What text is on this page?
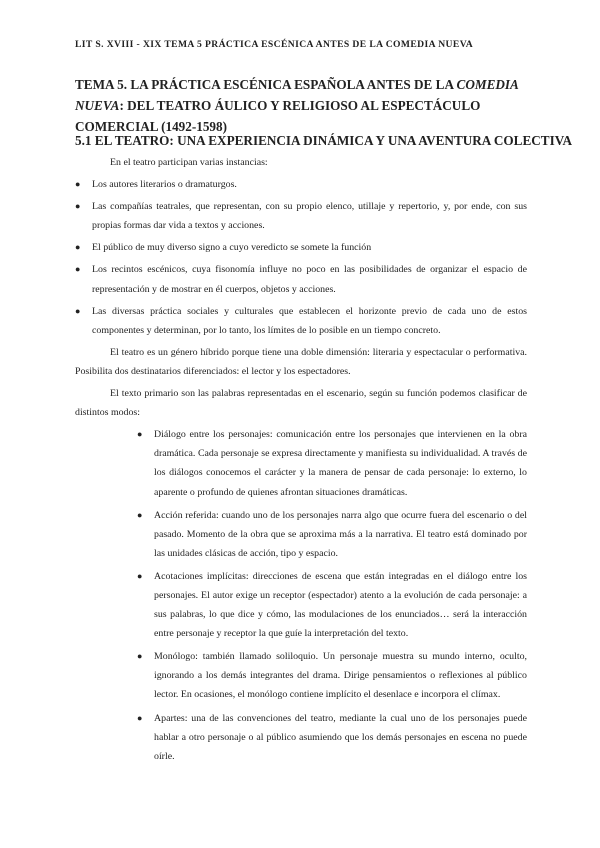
LIT S. XVIII - XIX TEMA 5 PRÁCTICA ESCÉNICA ANTES DE LA COMEDIA NUEVA
TEMA 5. LA PRÁCTICA ESCÉNICA ESPAÑOLA ANTES DE LA COMEDIA NUEVA: DEL TEATRO ÁULICO Y RELIGIOSO AL ESPECTÁCULO COMERCIAL (1492-1598)
5.1 EL TEATRO: UNA EXPERIENCIA DINÁMICA Y UNA AVENTURA COLECTIVA

En el teatro participan varias instancias:

● Los autores literarios o dramaturgos.
● Las compañías teatrales, que representan, con su propio elenco, utillaje y repertorio, y, por ende, con sus propias formas dar vida a textos y acciones.
● El público de muy diverso signo a cuyo veredicto se somete la función
● Los recintos escénicos, cuya fisonomía influye no poco en las posibilidades de organizar el espacio de representación y de mostrar en él cuerpos, objetos y acciones.
● Las diversas práctica sociales y culturales que establecen el horizonte previo de cada uno de estos componentes y determinan, por lo tanto, los límites de lo posible en un tiempo concreto.

El teatro es un género híbrido porque tiene una doble dimensión: literaria y espectacular o performativa. Posibilita dos destinatarios diferenciados: el lector y los espectadores.

El texto primario son las palabras representadas en el escenario, según su función podemos clasificar de distintos modos:

● Diálogo entre los personajes: comunicación entre los personajes que intervienen en la obra dramática. Cada personaje se expresa directamente y manifiesta su individualidad. A través de los diálogos conocemos el carácter y la manera de pensar de cada personaje: lo externo, lo aparente o profundo de quienes afrontan situaciones dramáticas.
● Acción referida: cuando uno de los personajes narra algo que ocurre fuera del escenario o del pasado. Momento de la obra que se aproxima más a la narrativa. El teatro está dominado por las unidades clásicas de acción, tipo y espacio.
● Acotaciones implícitas: direcciones de escena que están integradas en el diálogo entre los personajes. El autor exige un receptor (espectador) atento a la evolución de cada personaje: a sus palabras, lo que dice y cómo, las modulaciones de los enunciados… será la interacción entre personaje y receptor la que guíe la interpretación del texto.
● Monólogo: también llamado soliloquio. Un personaje muestra su mundo interno, oculto, ignorando a los demás integrantes del drama. Dirige pensamientos o reflexiones al público lector. En ocasiones, el monólogo contiene implícito el desenlace e incorpora el clímax.
● Apartes: una de las convenciones del teatro, mediante la cual uno de los personajes puede hablar a otro personaje o al público asumiendo que los demás personajes en escena no puede oírle.
